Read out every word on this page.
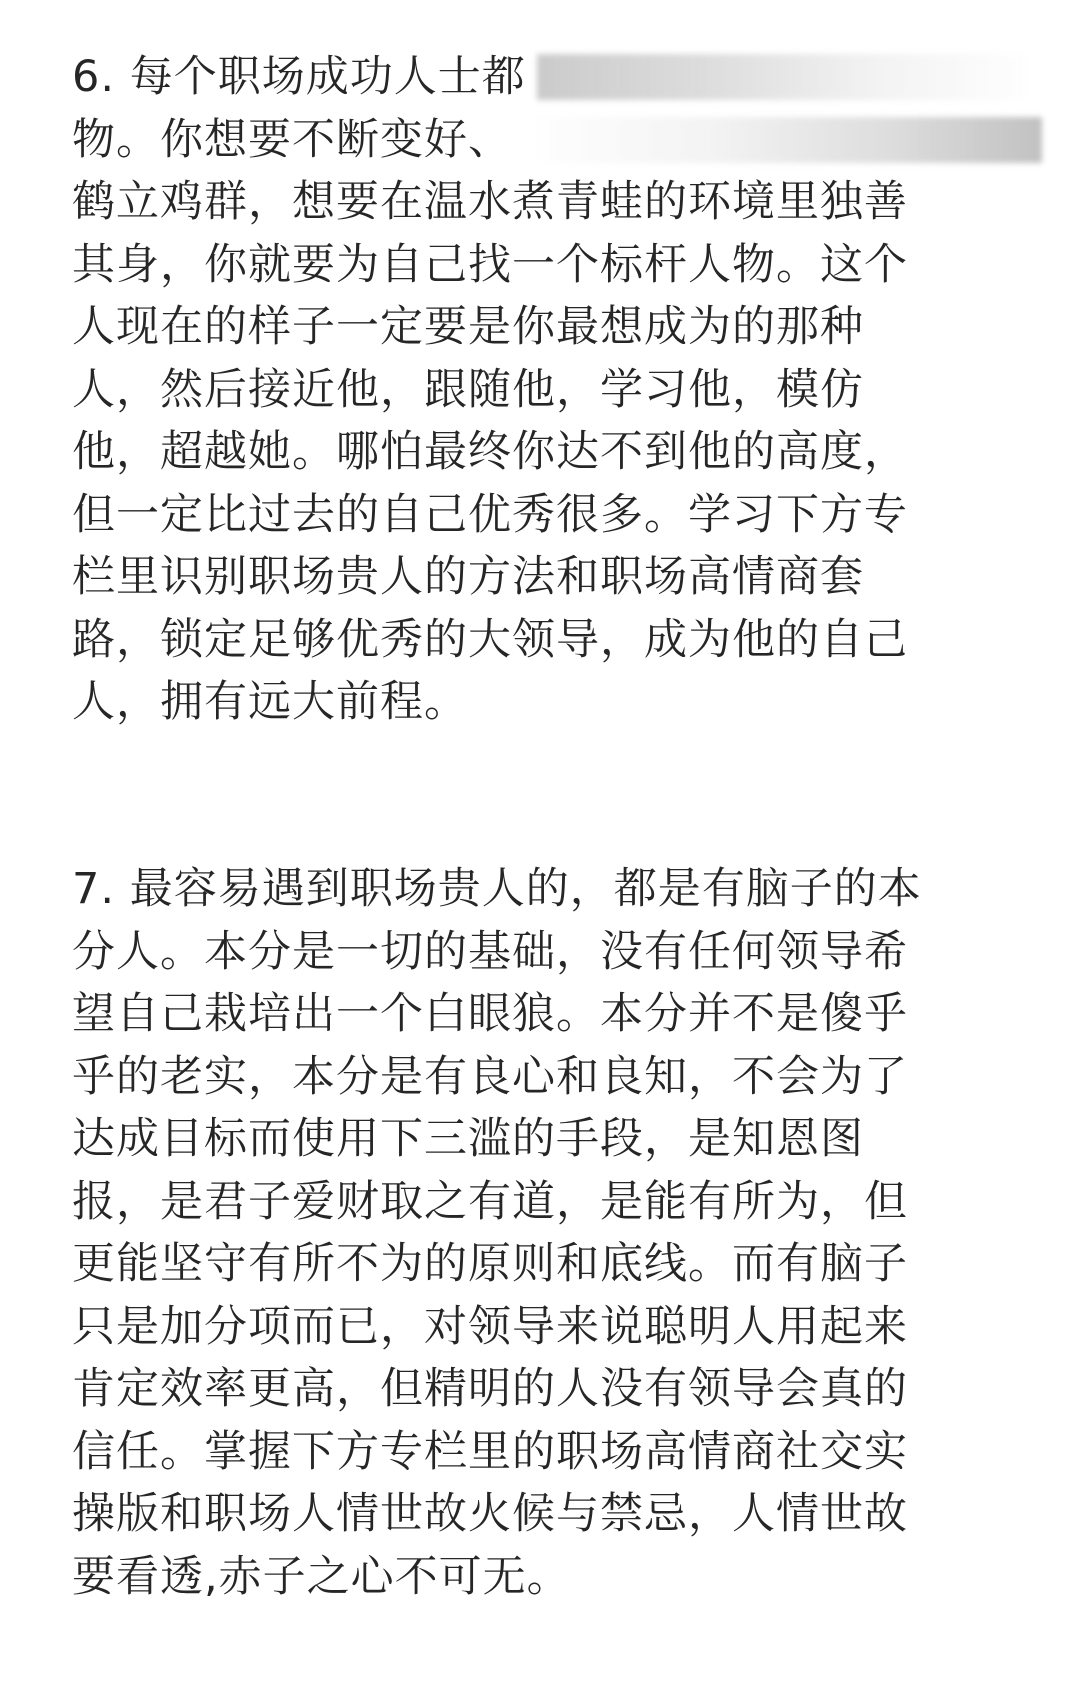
6. 每个职场成功人士都
物。你想要不断变好、
鹤立鸡群，想要在温水煮青蛙的环境里独善
其身，你就要为自己找一个标杆人物。这个
人现在的样子一定要是你最想成为的那种
人，然后接近他，跟随他，学习他，模仿
他，超越她。哪怕最终你达不到他的高度，
但一定比过去的自己优秀很多。学习下方专
栏里识别职场贵人的方法和职场高情商套
路，锁定足够优秀的大领导，成为他的自己
人，拥有远大前程。
7. 最容易遇到职场贵人的，都是有脑子的本
分人。本分是一切的基础，没有任何领导希
望自己栽培出一个白眼狼。本分并不是傻乎
乎的老实，本分是有良心和良知，不会为了
达成目标而使用下三滥的手段，是知恩图
报，是君子爱财取之有道，是能有所为，但
更能坚守有所不为的原则和底线。而有脑子
只是加分项而已，对领导来说聪明人用起来
肯定效率更高，但精明的人没有领导会真的
信任。掌握下方专栏里的职场高情商社交实
操版和职场人情世故火候与禁忌，人情世故
要看透,赤子之心不可无。
